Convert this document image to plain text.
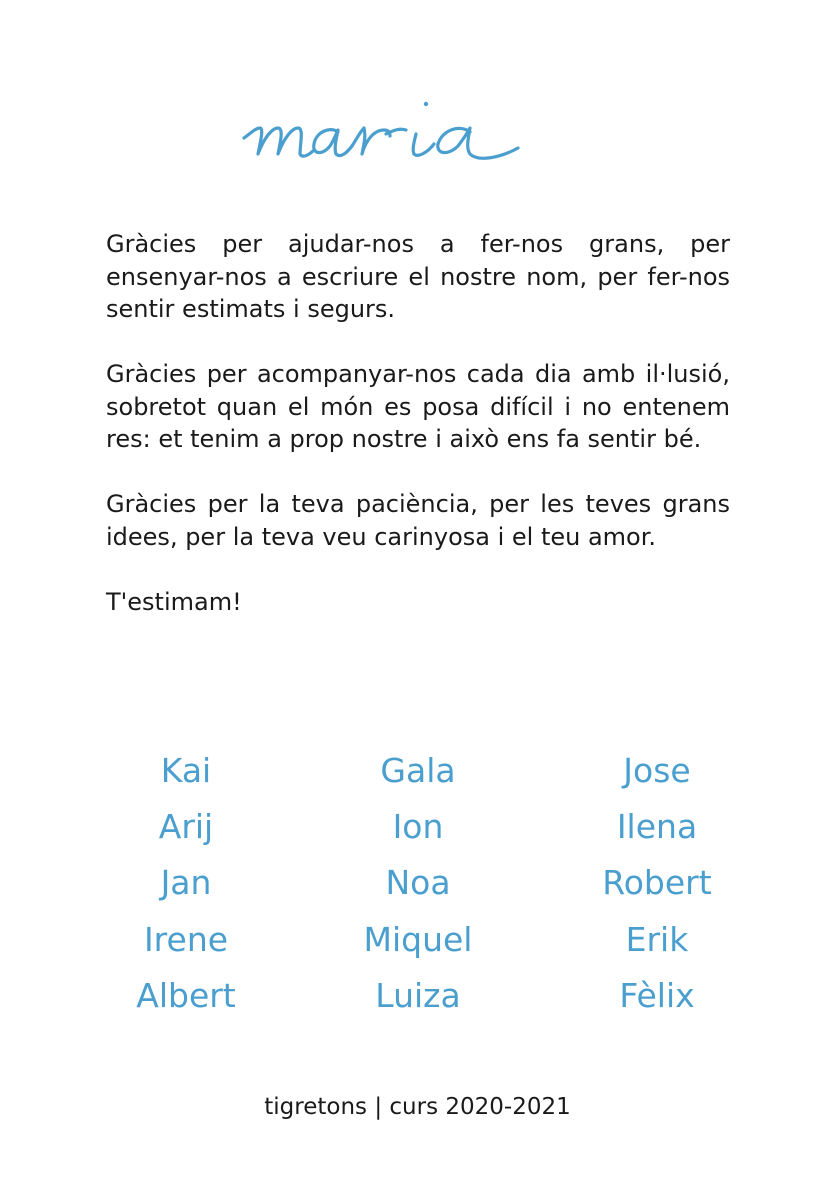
Gràcies per ajudar-nos a fer-nos grans, per ensenyar-nos a escriure el nostre nom, per fer-nos sentir estimats i segurs.

Gràcies per acompanyar-nos cada dia amb il·lusió, sobretot quan el món es posa difícil i no entenem res: et tenim a prop nostre i això ens fa sentir bé.

Gràcies per la teva paciència, per les teves grans idees, per la teva veu carinyosa i el teu amor.

T'estimam!

Kai	Gala	Jose
Arij	Ion	Ilena
Jan	Noa	Robert
Irene	Miquel	Erik
Albert	Luiza	Fèlix
tigretons | curs 2020-2021
